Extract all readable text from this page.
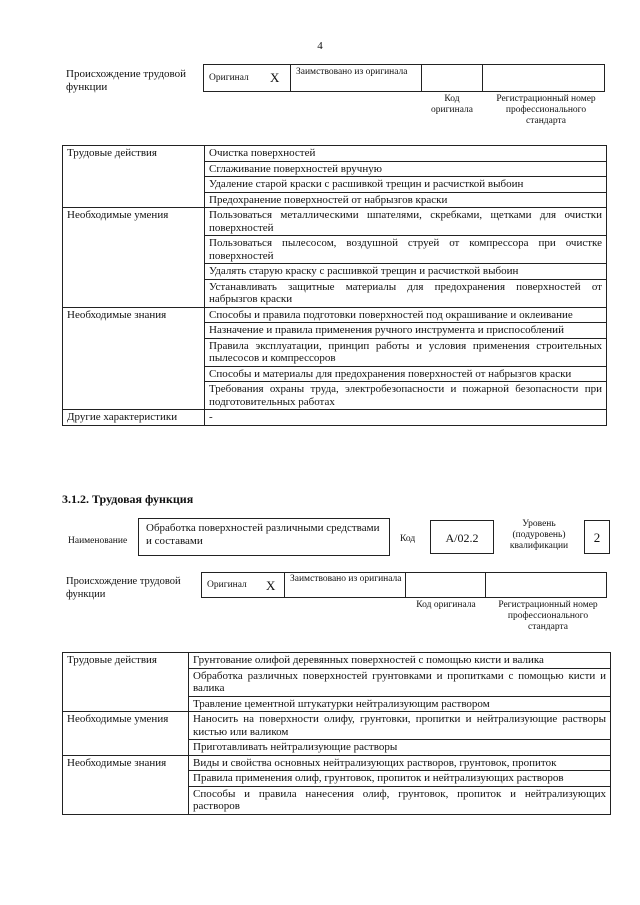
4
Происхождение трудовой функции
Оригинал X Заимствовано из оригинала
Код оригинала
Регистрационный номер профессионального стандарта
Трудовые действия	Очистка поверхностей
	Сглаживание поверхностей вручную
	Удаление старой краски с расшивкой трещин и расчисткой выбоин
	Предохранение поверхностей от набрызгов краски
Необходимые умения	Пользоваться металлическими шпателями, скребками, щетками для очистки поверхностей
	Пользоваться пылесосом, воздушной струей от компрессора при очистке поверхностей
	Удалять старую краску с расшивкой трещин и расчисткой выбоин
	Устанавливать защитные материалы для предохранения поверхностей от набрызгов краски
Необходимые знания	Способы и правила подготовки поверхностей под окрашивание и оклеивание
	Назначение и правила применения ручного инструмента и приспособлений
	Правила эксплуатации, принцип работы и условия применения строительных пылесосов и компрессоров
	Способы и материалы для предохранения поверхностей от набрызгов краски
	Требования охраны труда, электробезопасности и пожарной безопасности при подготовительных работах
Другие характеристики	-
3.1.2. Трудовая функция
Наименование
Обработка поверхностей различными средствами и составами	Код	A/02.2
Уровень (подуровень) квалификации
2
Происхождение трудовой функции
Оригинал X Заимствовано из оригинала
Код оригинала	Регистрационный номер профессионального стандарта
Трудовые действия	Грунтование олифой деревянных поверхностей с помощью кисти и валика
	Обработка различных поверхностей грунтовками и пропитками с помощью кисти и валика
	Травление цементной штукатурки нейтрализующим раствором
Необходимые умения	Наносить на поверхности олифу, грунтовки, пропитки и нейтрализующие растворы кистью или валиком
	Приготавливать нейтрализующие растворы
Необходимые знания	Виды и свойства основных нейтрализующих растворов, грунтовок, пропиток
	Правила применения олиф, грунтовок, пропиток и нейтрализующих растворов
	Способы и правила нанесения олиф, грунтовок, пропиток и нейтрализующих растворов
